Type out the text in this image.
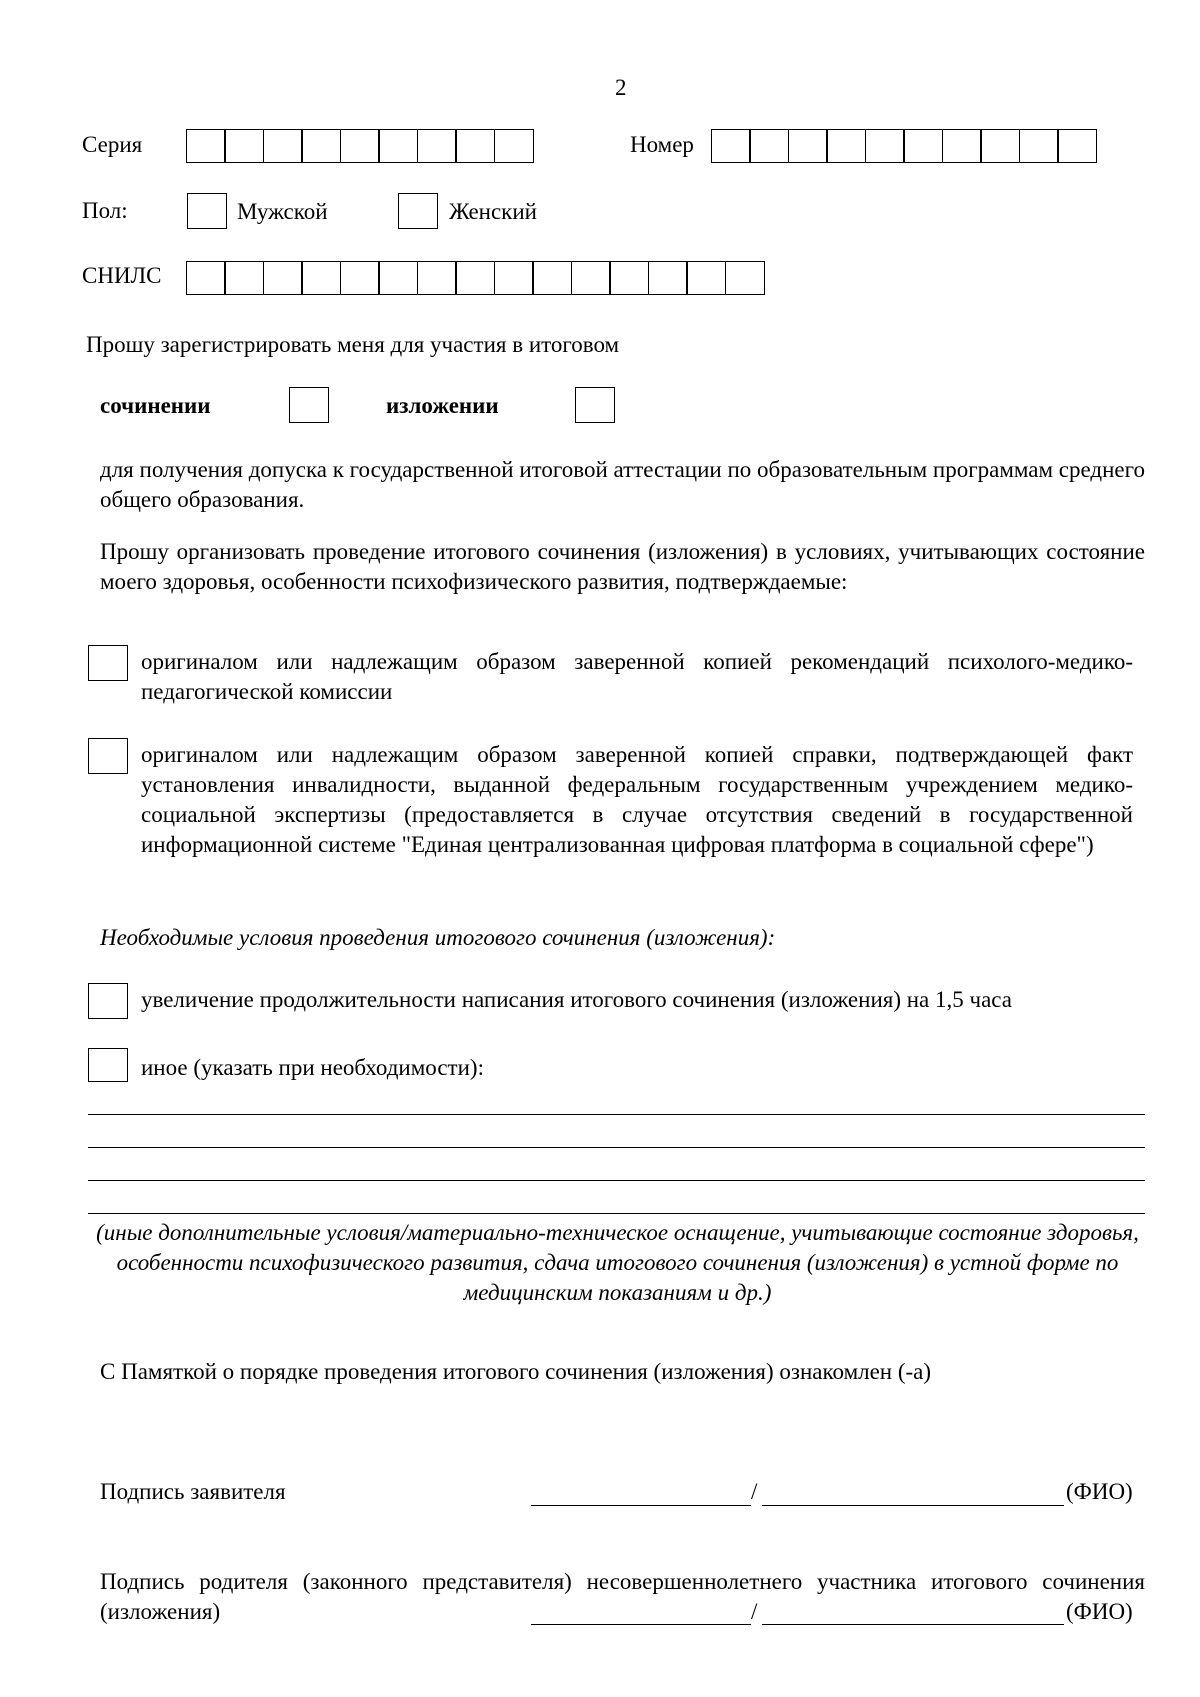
2
Серия	Номер
Пол:	Мужской	Женский
СНИЛС
Прошу зарегистрировать меня для участия в итоговом
сочинении	изложении
для получения допуска к государственной итоговой аттестации по образовательным программам среднего общего образования.
Прошу организовать проведение итогового сочинения (изложения) в условиях, учитывающих состояние моего здоровья, особенности психофизического развития, подтверждаемые:
оригиналом или надлежащим образом заверенной копией рекомендаций психолого-медико-педагогической комиссии
оригиналом или надлежащим образом заверенной копией справки, подтверждающей факт установления инвалидности, выданной федеральным государственным учреждением медико-социальной экспертизы (предоставляется в случае отсутствия сведений в государственной информационной системе "Единая централизованная цифровая платформа в социальной сфере")
Необходимые условия проведения итогового сочинения (изложения):
увеличение продолжительности написания итогового сочинения (изложения) на 1,5 часа
иное (указать при необходимости):
(иные дополнительные условия/материально-техническое оснащение, учитывающие состояние здоровья, особенности психофизического развития, сдача итогового сочинения (изложения) в устной форме по медицинским показаниям и др.)
С Памяткой о порядке проведения итогового сочинения (изложения) ознакомлен (-а)
Подпись заявителя	/	(ФИО)
Подпись родителя (законного представителя) несовершеннолетнего участника итогового сочинения (изложения)	/	(ФИО)
